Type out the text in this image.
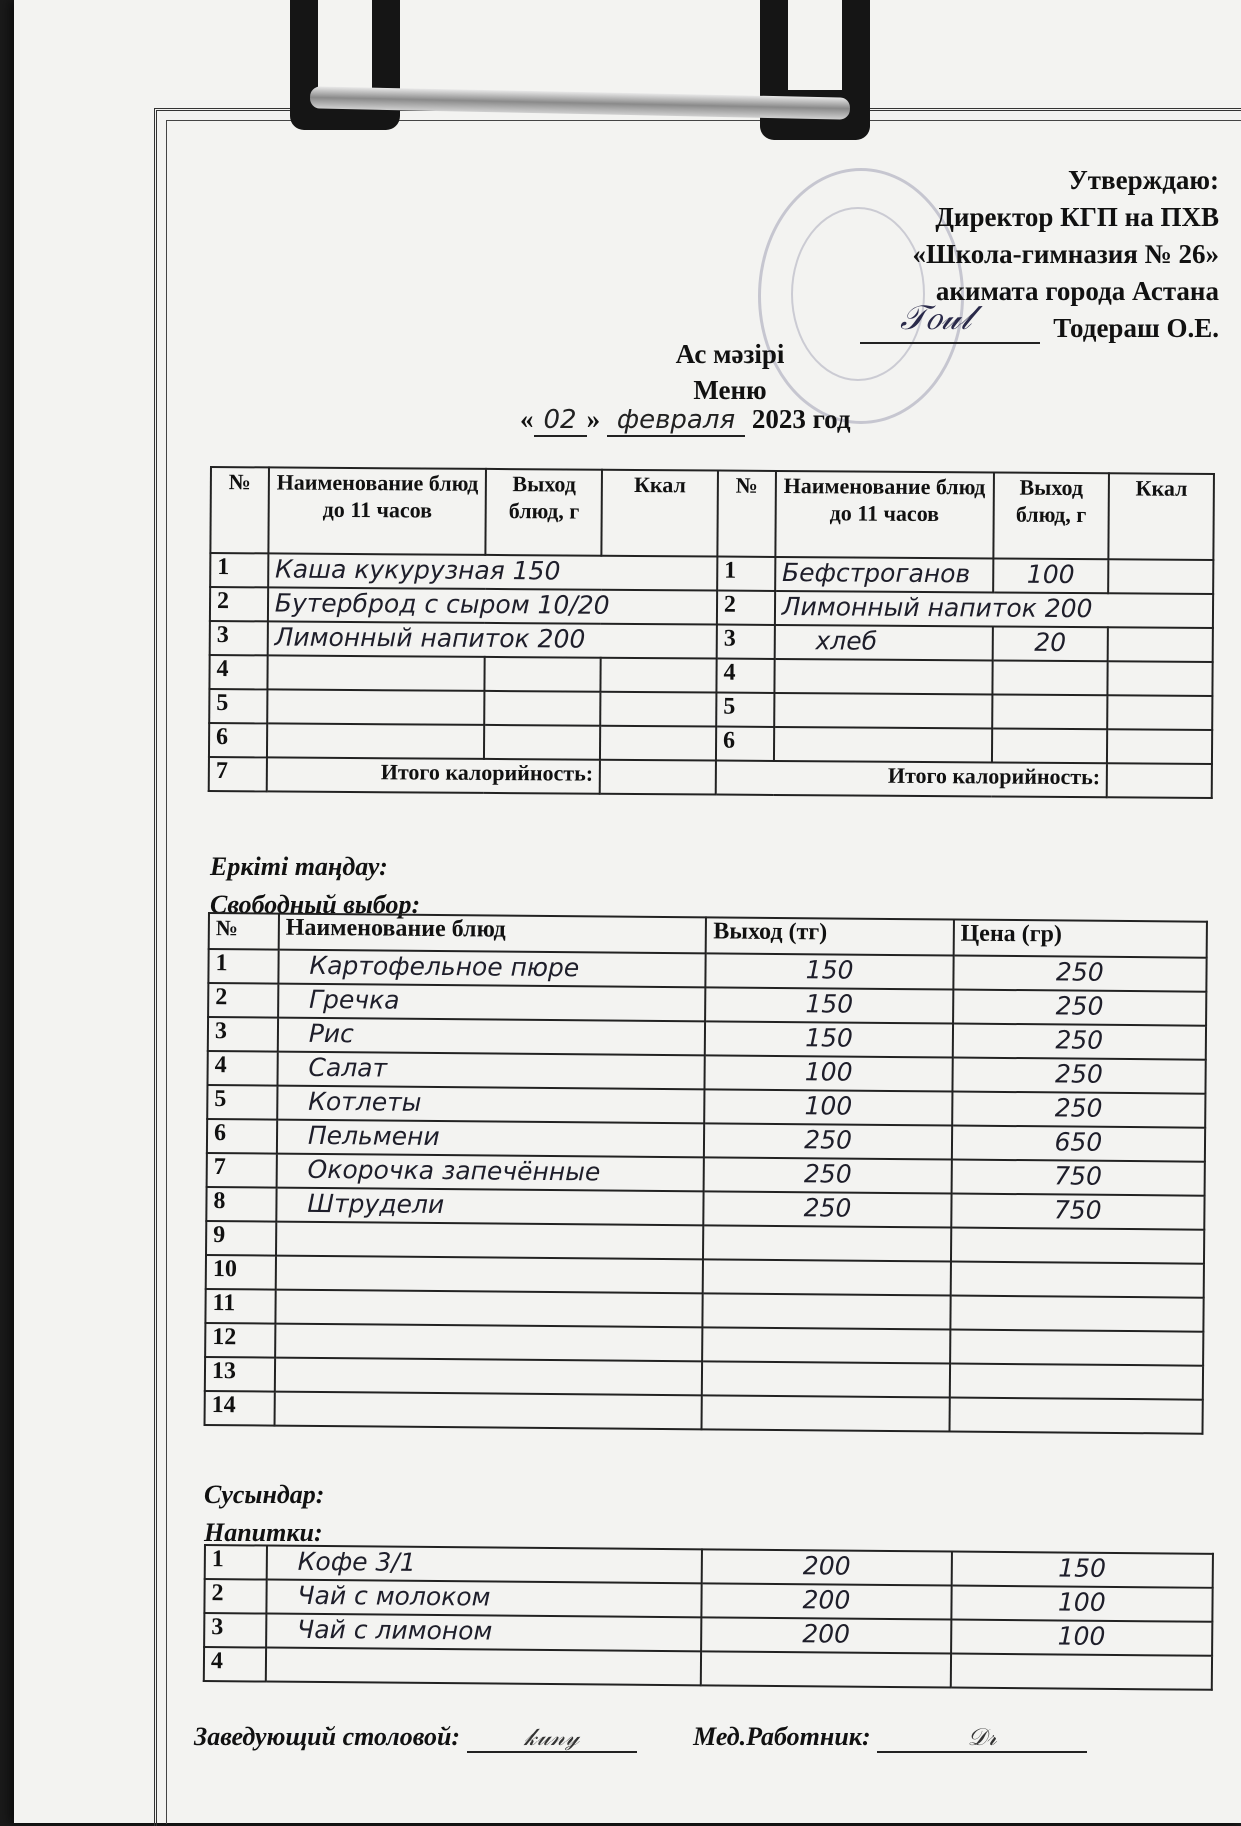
Утверждаю:
Директор КГП на ПХВ
«Школа-гимназия № 26»
акимата города Астана
Тодераш О.Е.
𝒯𝑜𝓊𝓁
Ас мәзірі
Меню
« 02 » февраля 2023 год
№	Наименование блюд до 11 часов	Выход блюд, г	Ккал	№	Наименование блюд до 11 часов	Выход блюд, г	Ккал
1	Каша кукурузная 150			1	Бефстроганов	100	
2	Бутерброд с сыром 10/20			2	Лимонный напиток 200		
3	Лимонный напиток 200			3	хлеб	20	
4				4			
5				5			
6				6			
7	Итого калорийность:			Итого калорийность:			
Еркіті таңдау:
Свободный выбор:
№	Наименование блюд	Выход (тг)	Цена (гр)
1	Картофельное пюре	150	250
2	Гречка	150	250
3	Рис	150	250
4	Салат	100	250
5	Котлеты	100	250
6	Пельмени	250	650
7	Окорочка запечённые	250	750
8	Штрудели	250	750
9			
10			
11			
12			
13			
14			
Сусындар:
Напитки:
1	Кофе 3/1	200	150
2	Чай с молоком	200	100
3	Чай с лимоном	200	100
4			
Заведующий столовой:	𝓀𝓊𝓃𝓎	Мед.Работник:	𝒟𝓇
